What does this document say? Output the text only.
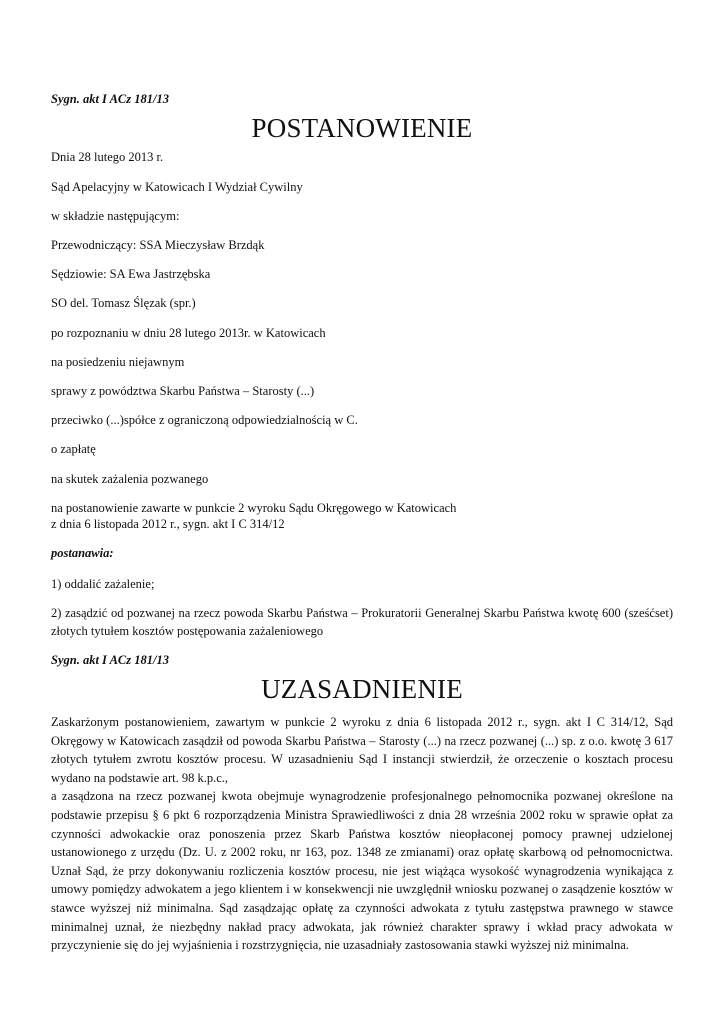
Sygn. akt I ACz 181/13
POSTANOWIENIE
Dnia 28 lutego 2013 r.
Sąd Apelacyjny w Katowicach I Wydział Cywilny
w składzie następującym:
Przewodniczący: SSA Mieczysław Brzdąk
Sędziowie: SA Ewa Jastrzębska
SO del. Tomasz Ślęzak (spr.)
po rozpoznaniu w dniu 28 lutego 2013r. w Katowicach
na posiedzeniu niejawnym
sprawy z powództwa Skarbu Państwa – Starosty (...)
przeciwko (...)spółce z ograniczoną odpowiedzialnością w C.
o zapłatę
na skutek zażalenia pozwanego
na postanowienie zawarte w punkcie 2 wyroku Sądu Okręgowego w Katowicach
z dnia 6 listopada 2012 r., sygn. akt I C 314/12
postanawia:
1) oddalić zażalenie;
2) zasądzić od pozwanej na rzecz powoda Skarbu Państwa – Prokuratorii Generalnej Skarbu Państwa kwotę 600 (sześćset) złotych tytułem kosztów postępowania zażaleniowego
Sygn. akt I ACz 181/13
UZASADNIENIE
Zaskarżonym postanowieniem, zawartym w punkcie 2 wyroku z dnia 6 listopada 2012 r., sygn. akt I C 314/12, Sąd Okręgowy w Katowicach zasądził od powoda Skarbu Państwa – Starosty (...) na rzecz pozwanej (...) sp. z o.o. kwotę 3 617 złotych tytułem zwrotu kosztów procesu. W uzasadnieniu Sąd I instancji stwierdził, że orzeczenie o kosztach procesu wydano na podstawie art. 98 k.p.c.,
a zasądzona na rzecz pozwanej kwota obejmuje wynagrodzenie profesjonalnego pełnomocnika pozwanej określone na podstawie przepisu § 6 pkt 6 rozporządzenia Ministra Sprawiedliwości z dnia 28 września 2002 roku w sprawie opłat za czynności adwokackie oraz ponoszenia przez Skarb Państwa kosztów nieopłaconej pomocy prawnej udzielonej ustanowionego z urzędu (Dz. U. z 2002 roku, nr 163, poz. 1348 ze zmianami) oraz opłatę skarbową od pełnomocnictwa. Uznał Sąd, że przy dokonywaniu rozliczenia kosztów procesu, nie jest wiążąca wysokość wynagrodzenia wynikająca z umowy pomiędzy adwokatem a jego klientem i w konsekwencji nie uwzględnił wniosku pozwanej o zasądzenie kosztów w stawce wyższej niż minimalna. Sąd zasądzając opłatę za czynności adwokata z tytułu zastępstwa prawnego w stawce minimalnej uznał, że niezbędny nakład pracy adwokata, jak również charakter sprawy i wkład pracy adwokata w przyczynienie się do jej wyjaśnienia i rozstrzygnięcia, nie uzasadniały zastosowania stawki wyższej niż minimalna.
